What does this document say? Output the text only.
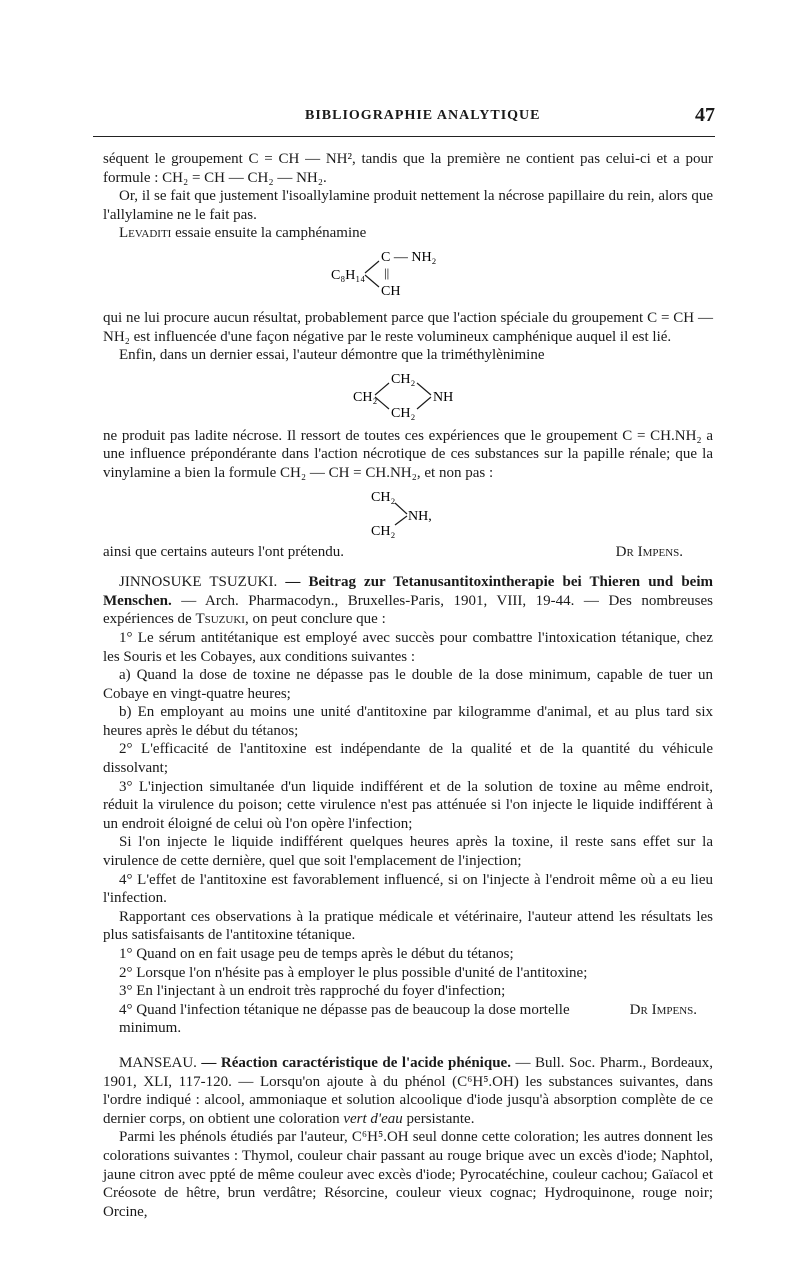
BIBLIOGRAPHIE ANALYTIQUE	47

séquent le groupement C = CH — NH², tandis que la première ne contient pas celui-ci et a pour formule : CH₂ = CH — CH₂ — NH₂.

Or, il se fait que justement l'isoallylamine produit nettement la nécrose papillaire du rein, alors que l'allylamine ne le fait pas.

Levaditi essaie ensuite la camphénamine

C₈H₁₄
C — NH₂
||
CH

qui ne lui procure aucun résultat, probablement parce que l'action spéciale du groupement C = CH — NH₂ est influencée d'une façon négative par le reste volumineux camphénique auquel il est lié.

Enfin, dans un dernier essai, l'auteur démontre que la triméthylènimine

CH₂
CH₂
CH₂
NH

ne produit pas ladite nécrose. Il ressort de toutes ces expériences que le groupement C = CH.NH₂ a une influence prépondérante dans l'action nécrotique de ces substances sur la papille rénale; que la vinylamine a bien la formule CH₂ — CH = CH.NH₂, et non pas :

CH₂
CH₂
NH,
ainsi que certains auteurs l'ont prétendu.	Dr Impens.

JINNOSUKE TSUZUKI. — Beitrag zur Tetanusantitoxintherapie bei Thieren und beim Menschen. — Arch. Pharmacodyn., Bruxelles-Paris, 1901, VIII, 19-44. — Des nombreuses expériences de Tsuzuki, on peut conclure que :

1° Le sérum antitétanique est employé avec succès pour combattre l'intoxication tétanique, chez les Souris et les Cobayes, aux conditions suivantes :

a) Quand la dose de toxine ne dépasse pas le double de la dose minimum, capable de tuer un Cobaye en vingt-quatre heures;

b) En employant au moins une unité d'antitoxine par kilogramme d'animal, et au plus tard six heures après le début du tétanos;

2° L'efficacité de l'antitoxine est indépendante de la qualité et de la quantité du véhicule dissolvant;

3° L'injection simultanée d'un liquide indifférent et de la solution de toxine au même endroit, réduit la virulence du poison; cette virulence n'est pas atténuée si l'on injecte le liquide indifférent à un endroit éloigné de celui où l'on opère l'infection;

Si l'on injecte le liquide indifférent quelques heures après la toxine, il reste sans effet sur la virulence de cette dernière, quel que soit l'emplacement de l'injection;

4° L'effet de l'antitoxine est favorablement influencé, si on l'injecte à l'endroit même où a eu lieu l'infection.

Rapportant ces observations à la pratique médicale et vétérinaire, l'auteur attend les résultats les plus satisfaisants de l'antitoxine tétanique.

1° Quand on en fait usage peu de temps après le début du tétanos;

2° Lorsque l'on n'hésite pas à employer le plus possible d'unité de l'antitoxine;

3° En l'injectant à un endroit très rapproché du foyer d'infection;

4° Quand l'infection tétanique ne dépasse pas de beaucoup la dose mortelle minimum.
Dr Impens.

MANSEAU. — Réaction caractéristique de l'acide phénique. — Bull. Soc. Pharm., Bordeaux, 1901, XLI, 117-120. — Lorsqu'on ajoute à du phénol (C⁶H⁵.OH) les substances suivantes, dans l'ordre indiqué : alcool, ammoniaque et solution alcoolique d'iode jusqu'à absorption complète de ce dernier corps, on obtient une coloration vert d'eau persistante.

Parmi les phénols étudiés par l'auteur, C⁶H⁵.OH seul donne cette coloration; les autres donnent les colorations suivantes : Thymol, couleur chair passant au rouge brique avec un excès d'iode; Naphtol, jaune citron avec ppté de même couleur avec excès d'iode; Pyrocatéchine, couleur cachou; Gaïacol et Créosote de hêtre, brun verdâtre; Résorcine, couleur vieux cognac; Hydroquinone, rouge noir; Orcine,
